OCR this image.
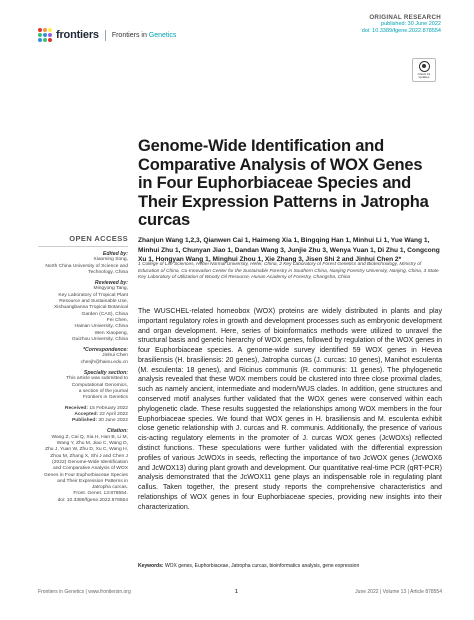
frontiers Frontiers in Genetics
ORIGINAL RESEARCH
published: 30 June 2022
doi: 10.3389/fgene.2022.878554
Check for updates
Genome-Wide Identification and Comparative Analysis of WOX Genes in Four Euphorbiaceae Species and Their Expression Patterns in Jatropha curcas
OPEN ACCESS
Edited by:
Xiaoming Song,
North China University of Science and
Technology, China
Reviewed by:
Mingyong Tang,
Key Laboratory of Tropical Plant
Resource and Sustainable Use,
Xishuangbanna Tropical Botanical
Garden (CAS), China
Fei Chen,
Hainan University, China
Wen Xiaopeng,
Guizhou University, China
*Correspondence:
Jinhui Chen
chenjh@hainu.edu.cn
Specialty section:
This article was submitted to
Computational Genomics,
a section of the journal
Frontiers in Genetics
Received: 15 February 2022
Accepted: 22 April 2022
Published: 30 June 2022
Citation:
Wang Z, Cai Q, Xia H, Han B, Li M,
Wang Y, Zhu M, Jiao C, Wang D,
Zhu J, Yuan W, Zhu D, Xu C, Wang H,
Zhou M, Zhang X, Shi J and Chen J
(2022) Genome-Wide Identification
and Comparative Analysis of WOX
Genes in Four Euphorbiaceae Species
and Their Expression Patterns in
Jatropha curcas.
Front. Genet. 13:878554.
doi: 10.3389/fgene.2022.878554
Zhanjun Wang 1,2,3, Qianwen Cai 1, Haimeng Xia 1, Bingqing Han 1, Minhui Li 1, Yue Wang 1, Minhui Zhu 1, Chunyan Jiao 1, Dandan Wang 3, Junjie Zhu 3, Wenya Yuan 1, Di Zhu 1, Congcong Xu 1, Hongyan Wang 1, Minghui Zhou 1, Xie Zhang 3, Jisen Shi 2 and Jinhui Chen 2*
1 College of Life Sciences, Hebei Normal University, Hefei, China, 2 Key Laboratory of Forest Genetics and Biotechnology, Ministry of Education of China, Co-Innovation Center for the Sustainable Forestry in Southern China, Nanjing Forestry University, Nanjing, China, 3 State Key Laboratory of Utilization of Woody Oil Resource, Hunan Academy of Forestry, Changsha, China

The WUSCHEL-related homeobox (WOX) proteins are widely distributed in plants and play important regulatory roles in growth and development processes such as embryonic development and organ development. Here, series of bioinformatics methods were utilized to unravel the structural basis and genetic hierarchy of WOX genes, followed by regulation of the WOX genes in four Euphorbiaceae species. A genome-wide survey identified 59 WOX genes in Hevea brasiliensis (H. brasiliensis: 20 genes), Jatropha curcas (J. curcas: 10 genes), Manihot esculenta (M. esculenta: 18 genes), and Ricinus communis (R. communis: 11 genes). The phylogenetic analysis revealed that these WOX members could be clustered into three close proximal clades, such as namely ancient, intermediate and modern/WUS clades. In addition, gene structures and conserved motif analyses further validated that the WOX genes were conserved within each phylogenetic clade. These results suggested the relationships among WOX members in the four Euphorbiaceae species. We found that WOX genes in H. brasiliensis and M. esculenta exhibit close genetic relationship with J. curcas and R. communis. Additionally, the presence of various cis-acting regulatory elements in the promoter of J. curcas WOX genes (JcWOXs) reflected distinct functions. These speculations were further validated with the differential expression profiles of various JcWOXs in seeds, reflecting the importance of two JcWOX genes (JcWOX6 and JcWOX13) during plant growth and development. Our quantitative real-time PCR (qRT-PCR) analysis demonstrated that the JcWOX11 gene plays an indispensable role in regulating plant callus. Taken together, the present study reports the comprehensive characteristics and relationships of WOX genes in four Euphorbiaceae species, providing new insights into their characterization.

Keywords: WOX genes, Euphorbiaceae, Jatropha curcas, bioinformatics analysis, gene expression
Frontiers in Genetics | www.frontiersin.org	1	June 2022 | Volume 13 | Article 878554
